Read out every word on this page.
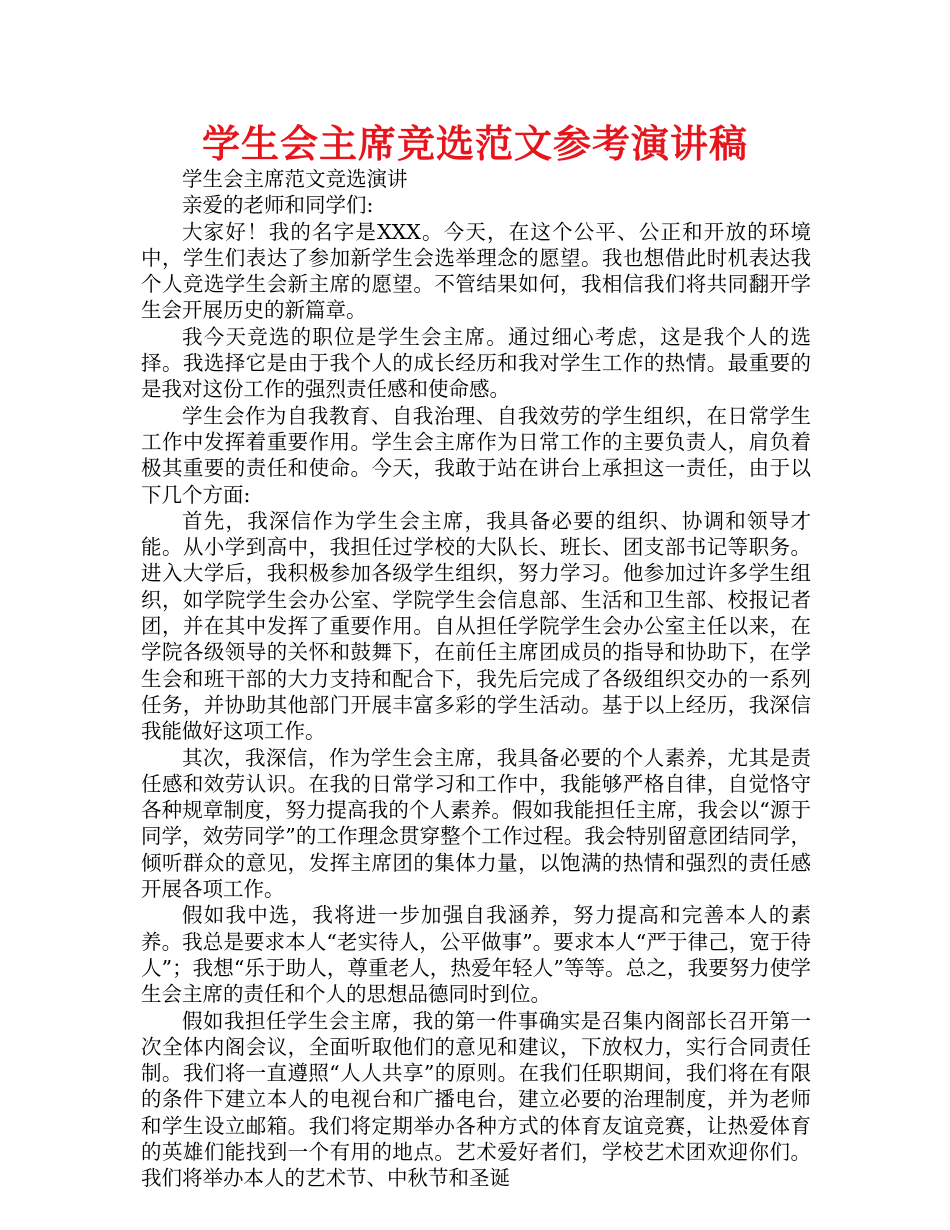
学生会主席竞选范文参考演讲稿

学生会主席范文竞选演讲

亲爱的老师和同学们:

大家好！我的名字是XXX。今天，在这个公平、公正和开放的环境中，学生们表达了参加新学生会选举理念的愿望。我也想借此时机表达我个人竞选学生会新主席的愿望。不管结果如何，我相信我们将共同翻开学生会开展历史的新篇章。

我今天竞选的职位是学生会主席。通过细心考虑，这是我个人的选择。我选择它是由于我个人的成长经历和我对学生工作的热情。最重要的是我对这份工作的强烈责任感和使命感。

学生会作为自我教育、自我治理、自我效劳的学生组织，在日常学生工作中发挥着重要作用。学生会主席作为日常工作的主要负责人，肩负着极其重要的责任和使命。今天，我敢于站在讲台上承担这一责任，由于以下几个方面:

首先，我深信作为学生会主席，我具备必要的组织、协调和领导才能。从小学到高中，我担任过学校的大队长、班长、团支部书记等职务。进入大学后，我积极参加各级学生组织，努力学习。他参加过许多学生组织，如学院学生会办公室、学院学生会信息部、生活和卫生部、校报记者团，并在其中发挥了重要作用。自从担任学院学生会办公室主任以来，在学院各级领导的关怀和鼓舞下，在前任主席团成员的指导和协助下，在学生会和班干部的大力支持和配合下，我先后完成了各级组织交办的一系列任务，并协助其他部门开展丰富多彩的学生活动。基于以上经历，我深信我能做好这项工作。

其次，我深信，作为学生会主席，我具备必要的个人素养，尤其是责任感和效劳认识。在我的日常学习和工作中，我能够严格自律，自觉恪守各种规章制度，努力提高我的个人素养。假如我能担任主席，我会以“源于同学，效劳同学”的工作理念贯穿整个工作过程。我会特别留意团结同学，倾听群众的意见，发挥主席团的集体力量，以饱满的热情和强烈的责任感开展各项工作。

假如我中选，我将进一步加强自我涵养，努力提高和完善本人的素养。我总是要求本人“老实待人，公平做事”。要求本人“严于律己，宽于待人”；我想“乐于助人，尊重老人，热爱年轻人”等等。总之，我要努力使学生会主席的责任和个人的思想品德同时到位。

假如我担任学生会主席，我的第一件事确实是召集内阁部长召开第一次全体内阁会议，全面听取他们的意见和建议，下放权力，实行合同责任制。我们将一直遵照“人人共享”的原则。在我们任职期间，我们将在有限的条件下建立本人的电视台和广播电台，建立必要的治理制度，并为老师和学生设立邮箱。我们将定期举办各种方式的体育友谊竞赛，让热爱体育的英雄们能找到一个有用的地点。艺术爱好者们，学校艺术团欢迎你们。我们将举办本人的艺术节、中秋节和圣诞
